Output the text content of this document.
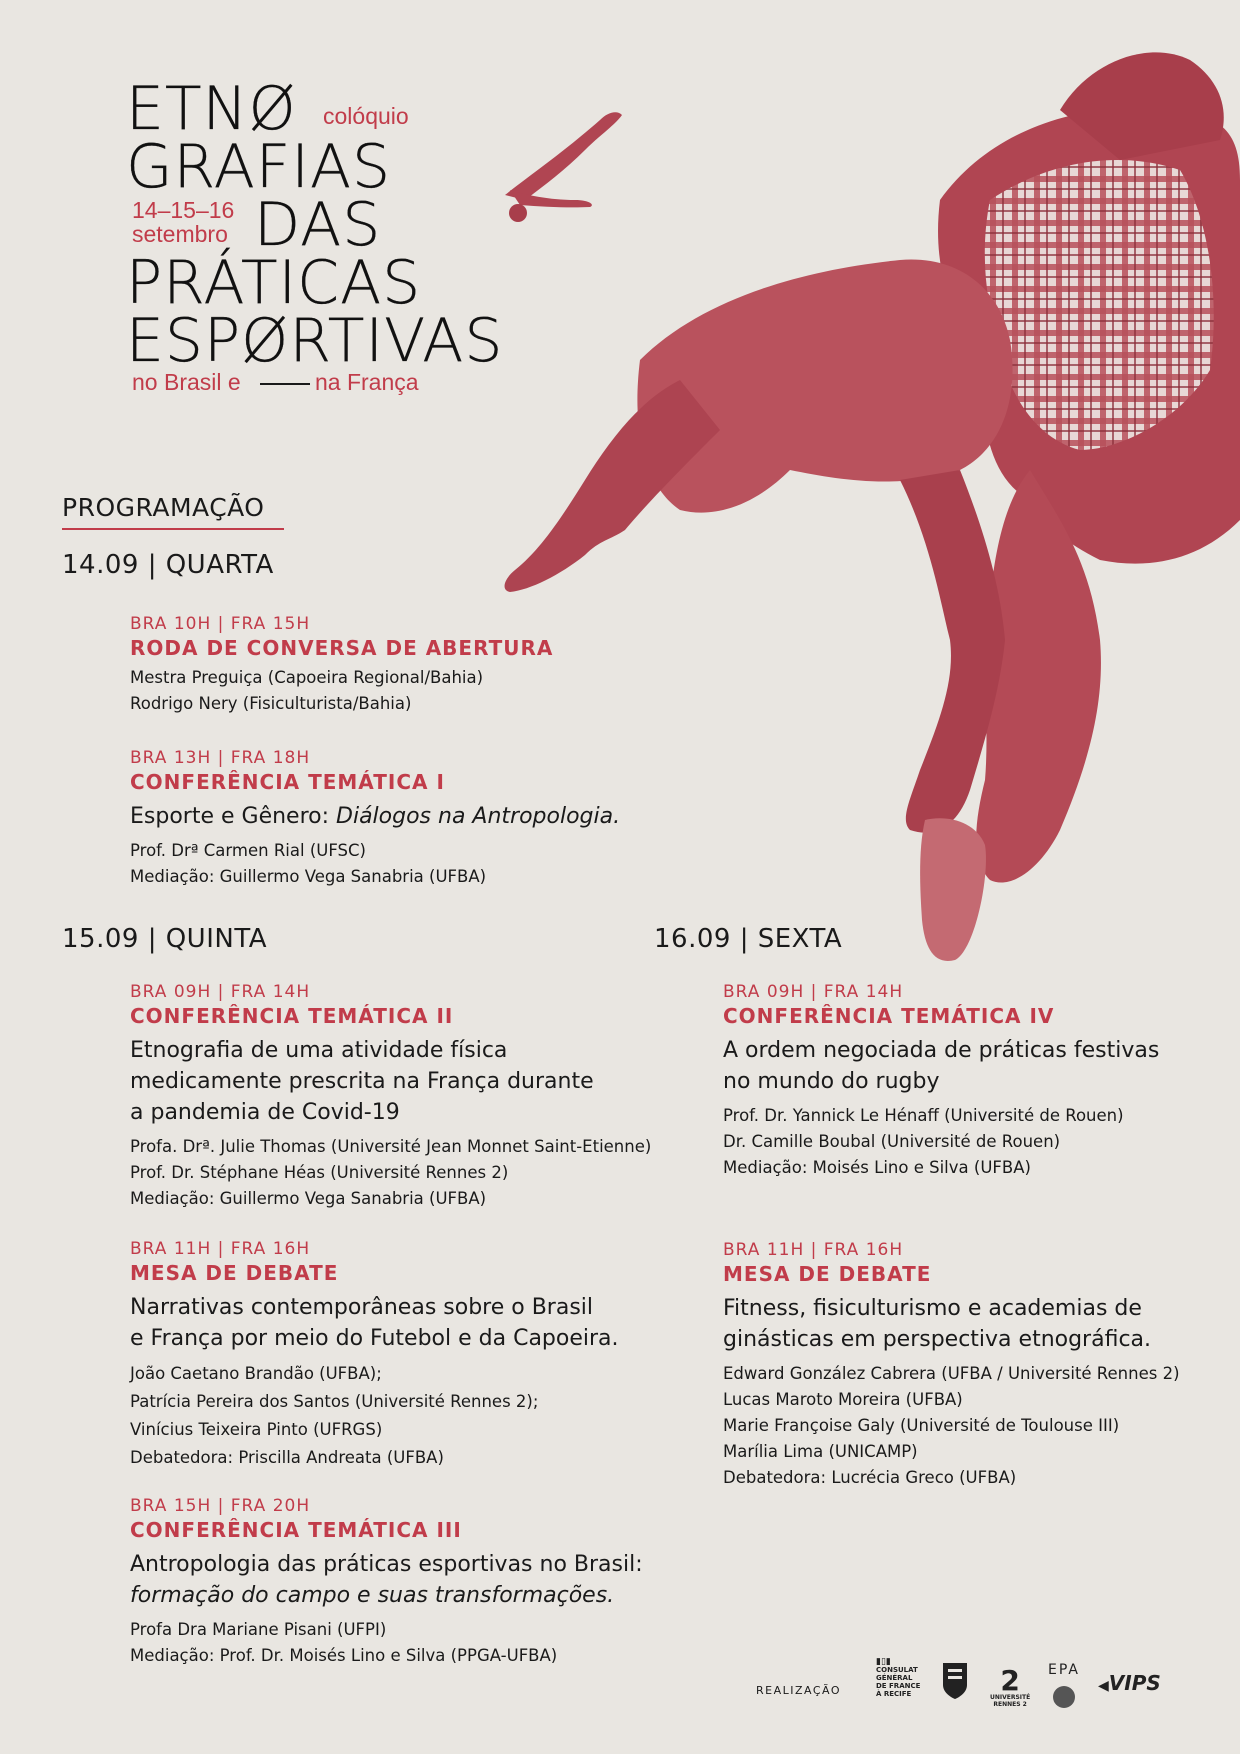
ETNØ colóquio
GRAFIAS
14–15–16
setembro DAS
PRÁTICAS
ESPØRTIVAS
no Brasil e	na França
PROGRAMAÇÃO
14.09 | QUARTA
BRA 10H | FRA 15H
RODA DE CONVERSA DE ABERTURA
Mestra Preguiça (Capoeira Regional/Bahia)
Rodrigo Nery (Fisiculturista/Bahia)
BRA 13H | FRA 18H
CONFERÊNCIA TEMÁTICA I
Esporte e Gênero: Diálogos na Antropologia.
Prof. Drª Carmen Rial (UFSC)
Mediação: Guillermo Vega Sanabria (UFBA)
15.09 | QUINTA
BRA 09H | FRA 14H
CONFERÊNCIA TEMÁTICA II
Etnografia de uma atividade física
medicamente prescrita na França durante
a pandemia de Covid-19
Profa. Drª. Julie Thomas (Université Jean Monnet Saint-Etienne)
Prof. Dr. Stéphane Héas (Université Rennes 2)
Mediação: Guillermo Vega Sanabria (UFBA)
BRA 11H | FRA 16H
MESA DE DEBATE
Narrativas contemporâneas sobre o Brasil
e França por meio do Futebol e da Capoeira.
João Caetano Brandão (UFBA);
Patrícia Pereira dos Santos (Université Rennes 2);
Vinícius Teixeira Pinto (UFRGS)
Debatedora: Priscilla Andreata (UFBA)
BRA 15H | FRA 20H
CONFERÊNCIA TEMÁTICA III
Antropologia das práticas esportivas no Brasil:
formação do campo e suas transformações.
Profa Dra Mariane Pisani (UFPI)
Mediação: Prof. Dr. Moisés Lino e Silva (PPGA-UFBA)
16.09 | SEXTA
BRA 09H | FRA 14H
CONFERÊNCIA TEMÁTICA IV
A ordem negociada de práticas festivas
no mundo do rugby
Prof. Dr. Yannick Le Hénaff (Université de Rouen)
Dr. Camille Boubal (Université de Rouen)
Mediação: Moisés Lino e Silva (UFBA)
BRA 11H | FRA 16H
MESA DE DEBATE
Fitness, fisiculturismo e academias de
ginásticas em perspectiva etnográfica.
Edward González Cabrera (UFBA / Université Rennes 2)
Lucas Maroto Moreira (UFBA)
Marie Françoise Galy (Université de Toulouse III)
Marília Lima (UNICAMP)
Debatedora: Lucrécia Greco (UFBA)
REALIZAÇÃO
▮▯▮
CONSULAT
GÉNÉRAL
DE FRANCE
À RECIFE	2
UNIVERSITÉ
RENNES 2
EPA
◀VIPS
